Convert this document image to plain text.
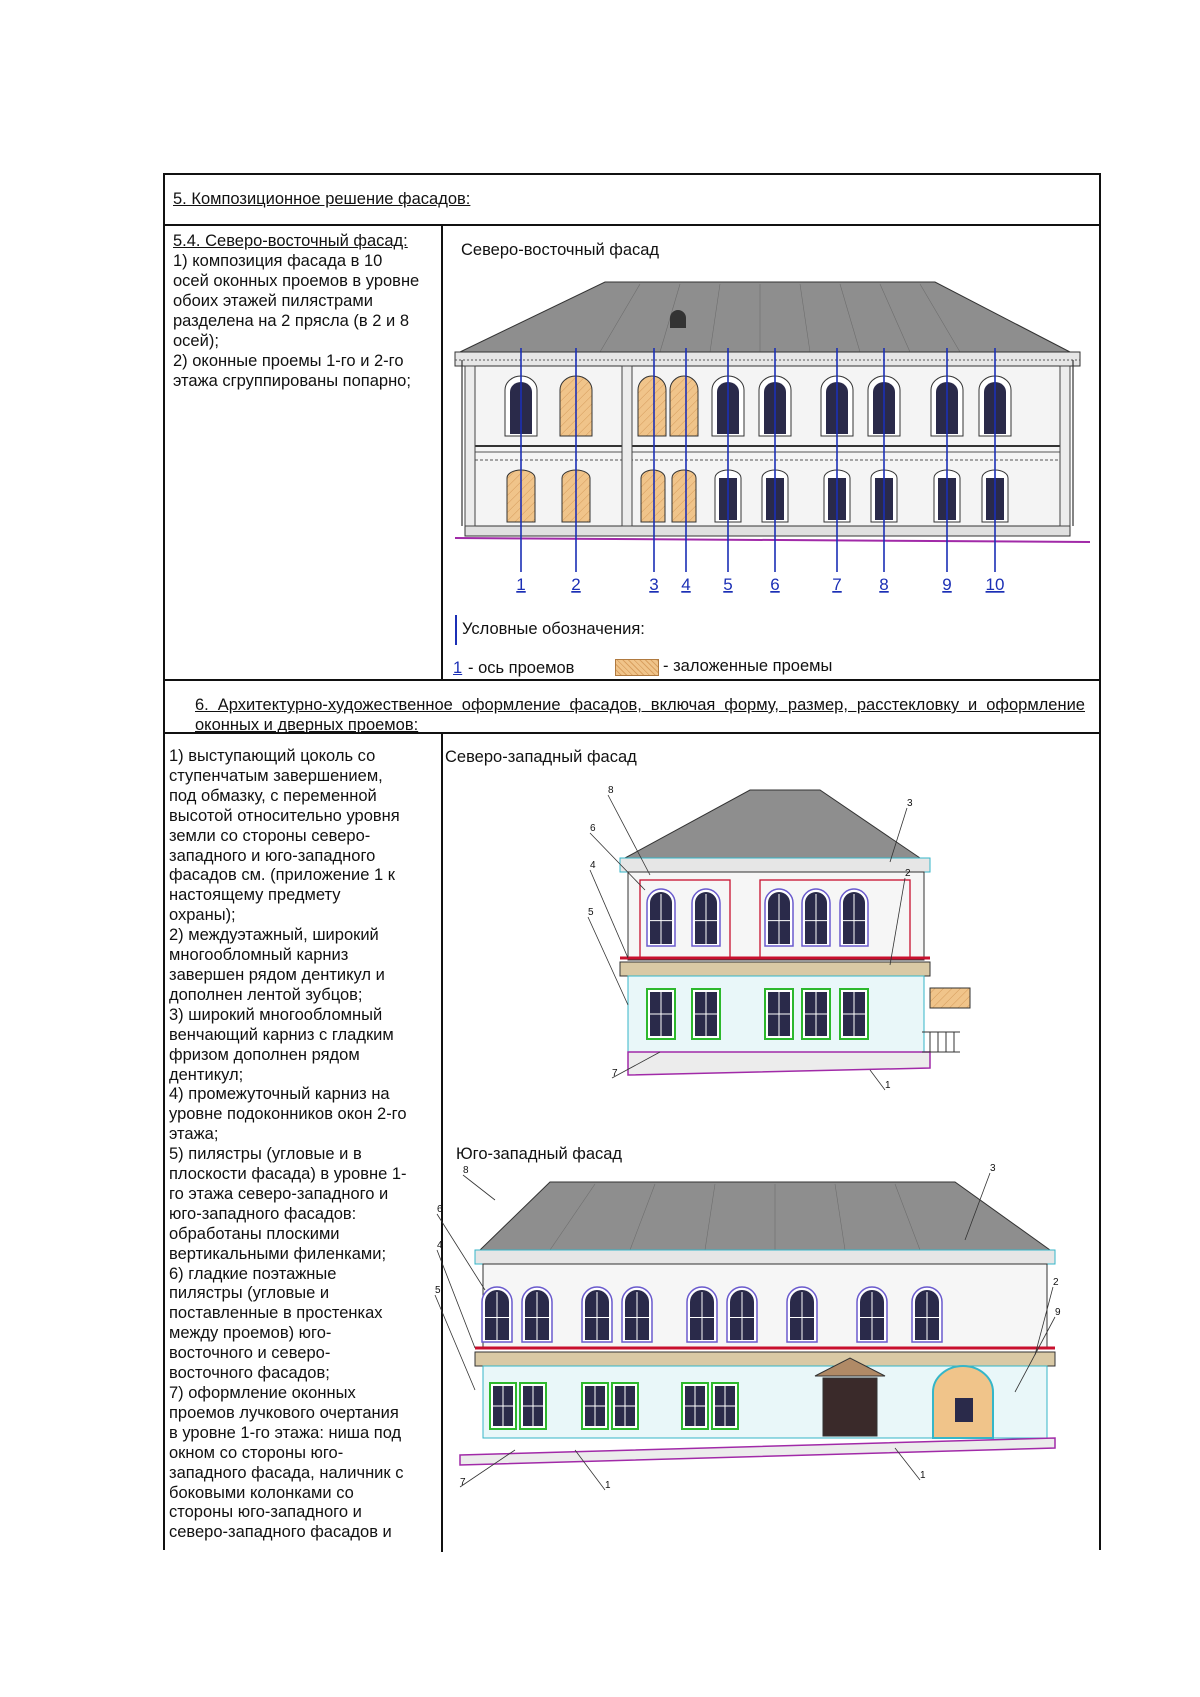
5. Композиционное решение фасадов:
5.4. Северо-восточный фасад:
1) композиция фасада в 10
осей оконных проемов в уровне
обоих этажей пилястрами
разделена на 2 прясла (в 2 и 8
осей);
2) оконные проемы 1-го и 2-го
этажа сгруппированы попарно;
Северо-восточный фасад
6. Архитектурно-художественное оформление фасадов, включая форму, размер, расстекловку и оформление оконных и дверных проемов:
1) выступающий цоколь со
ступенчатым завершением,
под обмазку, с переменной
высотой относительно уровня
земли со стороны северо-
западного и юго-западного
фасадов см. (приложение 1 к
настоящему предмету
охраны);
2) междуэтажный, широкий
многообломный карниз
завершен рядом дентикул и
дополнен лентой зубцов;
3) широкий многообломный
венчающий карниз с гладким
фризом дополнен рядом
дентикул;
4) промежуточный карниз на
уровне подоконников окон 2-го
этажа;
5) пилястры (угловые и в
плоскости фасада) в уровне 1-
го этажа северо-западного и
юго-западного фасадов:
обработаны плоскими
вертикальными филенками;
6) гладкие поэтажные
пилястры (угловые и
поставленные в простенках
между проемов) юго-
восточного и северо-
восточного фасадов;
7) оформление оконных
проемов лучкового очертания
в уровне 1-го этажа: ниша под
окном со стороны юго-
западного фасада, наличник с
боковыми колонками со
стороны юго-западного и
северо-западного фасадов и
Северо-западный фасад
Юго-западный фасад
Условные обозначения:
1 - ось проемов	- заложенные проемы
1	2	3 4 5 6	7 8	9 10
8
3
6
4
2
5
7
1
8	3
6
4
5
2
9
7	1
1
